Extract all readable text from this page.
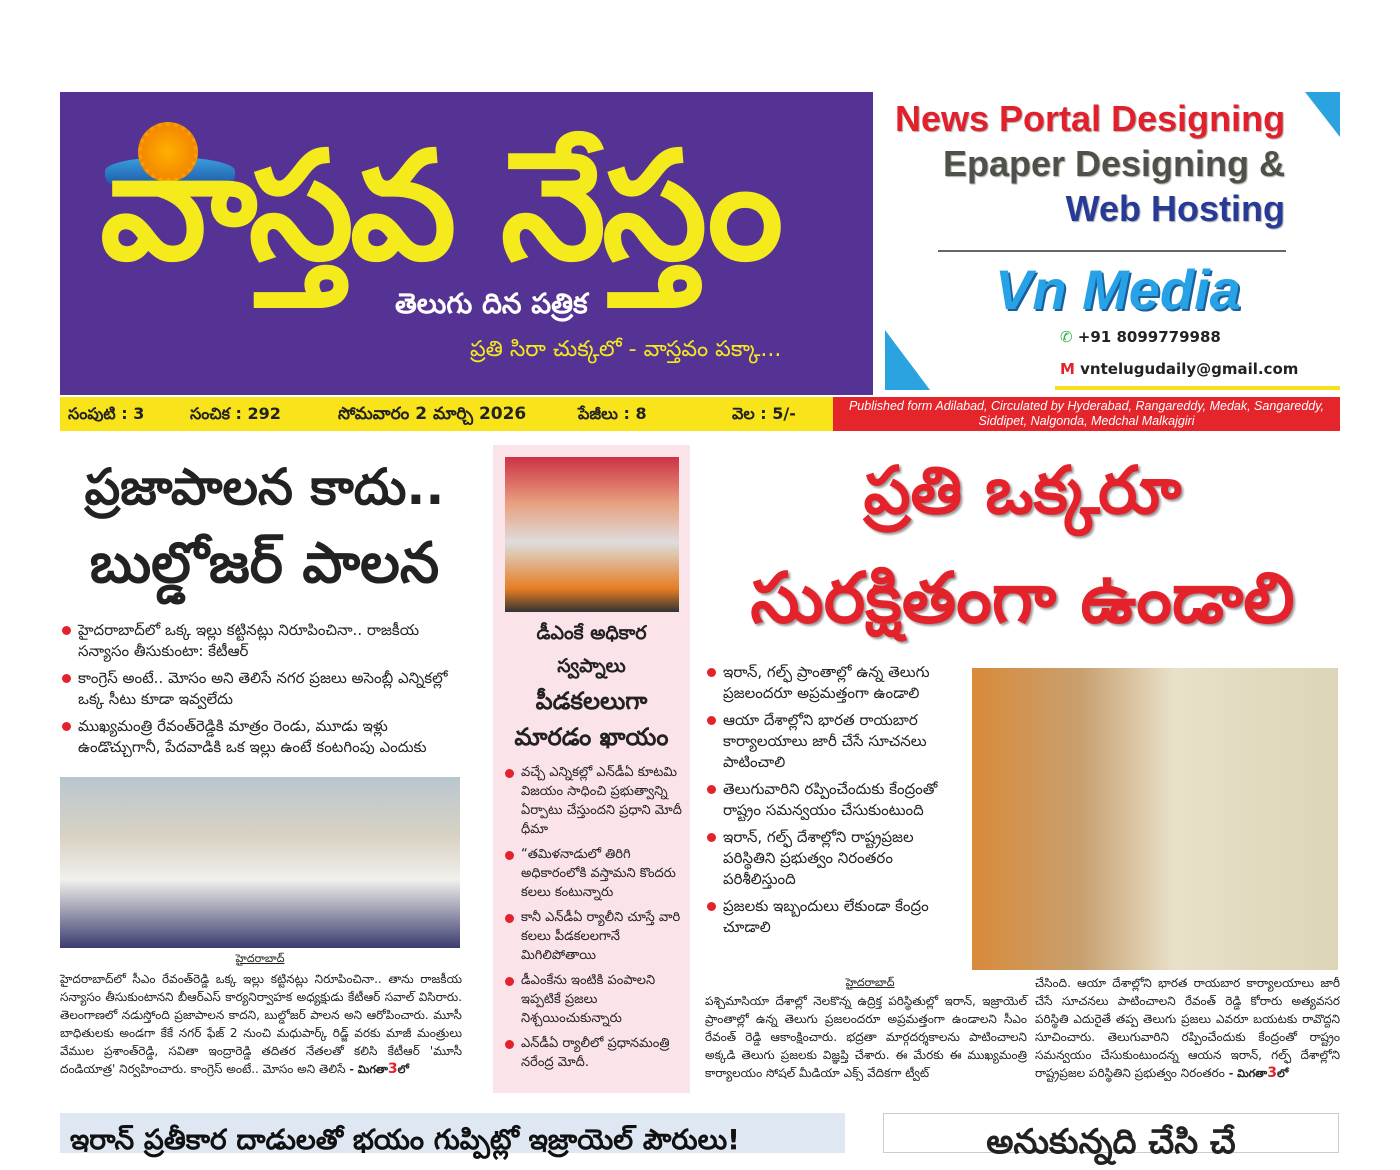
వాస్తవ నేస్తం
తెలుగు దిన పత్రిక
ప్రతి సిరా చుక్కలో - వాస్తవం పక్కా...
News Portal Designing
Epaper Designing &
Web Hosting
Vn Media
✆ +91 8099779988
M vntelugudaily@gmail.com
సంపుటి : 3	సంచిక : 292	సోమవారం 2 మార్చి 2026	పేజీలు : 8	వెల : 5/-	Published form Adilabad, Circulated by Hyderabad, Rangareddy, Medak, Sangareddy, Siddipet, Nalgonda, Medchal Malkajgiri
ప్రజాపాలన కాదు..
బుల్డోజర్ పాలన
హైదరాబాద్‌లో ఒక్క ఇల్లు కట్టినట్లు నిరూపించినా.. రాజకీయ సన్యాసం తీసుకుంటా: కేటీఆర్
కాంగ్రెస్ అంటే.. మోసం అని తెలిసే నగర ప్రజలు అసెంబ్లీ ఎన్నికల్లో ఒక్క సీటు కూడా ఇవ్వలేదు
ముఖ్యమంత్రి రేవంత్‌రెడ్డికి మాత్రం రెండు, మూడు ఇళ్లు ఉండొచ్చుగానీ, పేదవాడికి ఒక ఇల్లు ఉంటే కంటగింపు ఎందుకు
హైదరాబాద్
హైదరాబాద్‌లో సీఎం రేవంత్‌రెడ్డి ఒక్క ఇల్లు కట్టినట్లు నిరూపించినా.. తాను రాజకీయ సన్యాసం తీసుకుంటానని బీఆర్ఎస్ కార్యనిర్వాహక అధ్యక్షుడు కేటీఆర్ సవాల్ విసిరారు. తెలంగాణలో నడుస్తోంది ప్రజాపాలన కాదని, బుల్డోజర్ పాలన అని ఆరోపించారు. మూసీ బాధితులకు అండగా కేకే నగర్ ఫేజ్ 2 నుంచి మధుపార్క్ రిడ్జ్ వరకు మాజీ మంత్రులు వేముల ప్రశాంత్‌రెడ్డి, సవితా ఇంద్రారెడ్డి తదితర నేతలతో కలిసి కేటీఆర్ 'మూసీ దండియాత్ర' నిర్వహించారు. కాంగ్రెస్ అంటే.. మోసం అని తెలిసే - మిగతా3లో
డీఎంకే అధికార
స్వప్నాలు
పీడకలలుగా
మారడం ఖాయం
వచ్చే ఎన్నికల్లో ఎన్‌డీఏ కూటమి విజయం సాధించి ప్రభుత్వాన్ని ఏర్పాటు చేస్తుందని ప్రధాని మోదీ ధీమా
“తమిళనాడులో తిరిగి అధికారంలోకి వస్తామని కొందరు కలలు కంటున్నారు
కానీ ఎన్‌డీఏ ర్యాలీని చూస్తే వారి కలలు పీడకలలగానే మిగిలిపోతాయి
డీఎంకేను ఇంటికి పంపాలని ఇప్పటికే ప్రజలు నిశ్చయించుకున్నారు
ఎన్‌డీఏ ర్యాలీలో ప్రధానమంత్రి నరేంద్ర మోదీ.
ప్రతి ఒక్కరూ
సురక్షితంగా ఉండాలి
ఇరాన్, గల్ఫ్ ప్రాంతాల్లో ఉన్న తెలుగు ప్రజలందరూ అప్రమత్తంగా ఉండాలి
ఆయా దేశాల్లోని భారత రాయబార కార్యాలయాలు జారీ చేసే సూచనలు పాటించాలి
తెలుగువారిని రప్పించేందుకు కేంద్రంతో రాష్ట్రం సమన్వయం చేసుకుంటుంది
ఇరాన్, గల్ఫ్ దేశాల్లోని రాష్ట్రప్రజల పరిస్థితిని ప్రభుత్వం నిరంతరం పరిశీలిస్తుంది
ప్రజలకు ఇబ్బందులు లేకుండా కేంద్రం చూడాలి
హైదరాబాద్
పశ్చిమాసియా దేశాల్లో నెలకొన్న ఉద్రిక్త పరిస్థితుల్లో ఇరాన్, ఇజ్రాయెల్ ప్రాంతాల్లో ఉన్న తెలుగు ప్రజలందరూ అప్రమత్తంగా ఉండాలని సీఎం రేవంత్ రెడ్డి ఆకాంక్షించారు. భద్రతా మార్గదర్శకాలను పాటించాలని అక్కడి తెలుగు ప్రజలకు విజ్ఞప్తి చేశారు. ఈ మేరకు ఈ ముఖ్యమంత్రి కార్యాలయం సోషల్ మీడియా ఎక్స్ వేదికగా ట్వీట్
చేసింది. ఆయా దేశాల్లోని భారత రాయబార కార్యాలయాలు జారీ చేసే సూచనలు పాటించాలని రేవంత్ రెడ్డి కోరారు అత్యవసర పరిస్థితి ఎదురైతే తప్ప తెలుగు ప్రజలు ఎవరూ బయటకు రావొద్దని సూచించారు. తెలుగువారిని రప్పించేందుకు కేంద్రంతో రాష్ట్రం సమన్వయం చేసుకుంటుందన్న ఆయన ఇరాన్, గల్ఫ్ దేశాల్లోని రాష్ట్రప్రజల పరిస్థితిని ప్రభుత్వం నిరంతరం - మిగతా3లో
ఇరాన్ ప్రతీకార దాడులతో భయం గుప్పిట్లో ఇజ్రాయెల్ పౌరులు!	అనుకున్నది చేసి చే
